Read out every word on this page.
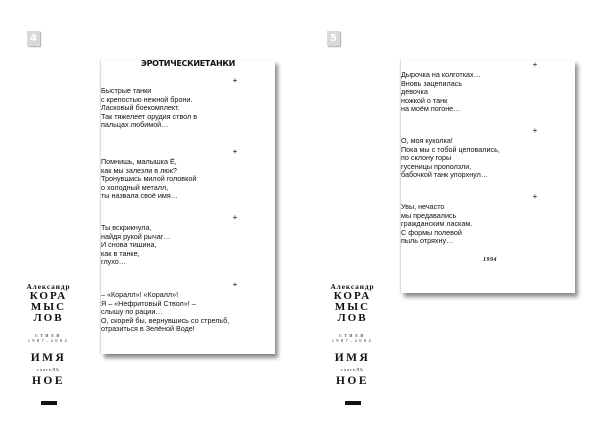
4	5
ЭРОТИЧЕСКИЕТАНКИ
+
Быстрые танки
с крепостью нежной брони.
Ласковый боекомплект.
Так тяжелеет орудия ствол в
пальцах любимой…
+
Помнишь, малышка Ё,
как мы залезли в люк?
Тронувшись милой головкой
о холодный металл,
ты назвала своё имя…
+
Ты вскрикнула,
найдя рукой рычаг…
И снова тишина,
как в танке,
глухо…
+
– «Коралл»! «Коралл»!
Я – «Нефритовый Ствол»! –
слышу по рации…
О, скорей бы, вернувшись со стрельб,
отразиться в Зелёной Воде!
+
Дырочка на колготках…
Вновь зацепилась
девочка
ножкой о танк
на моём погоне…
+
О, моя куколка!
Пока мы с тобой целовались,
по склону горы
гусеницы проползли,
бабочкой танк упорхнул…
+
Увы, нечасто
мы предавались
гражданским ласкам.
С формы полевой
пыль отряхну…
1994
Александр
КОРА
МЫС
ЛОВ
СТИХИ
1987–2002
ИМЯ
глагоЛЬ
НОЕ
Александр
КОРА
МЫС
ЛОВ
СТИХИ
1987–2002
ИМЯ
глагоЛЬ
НОЕ
